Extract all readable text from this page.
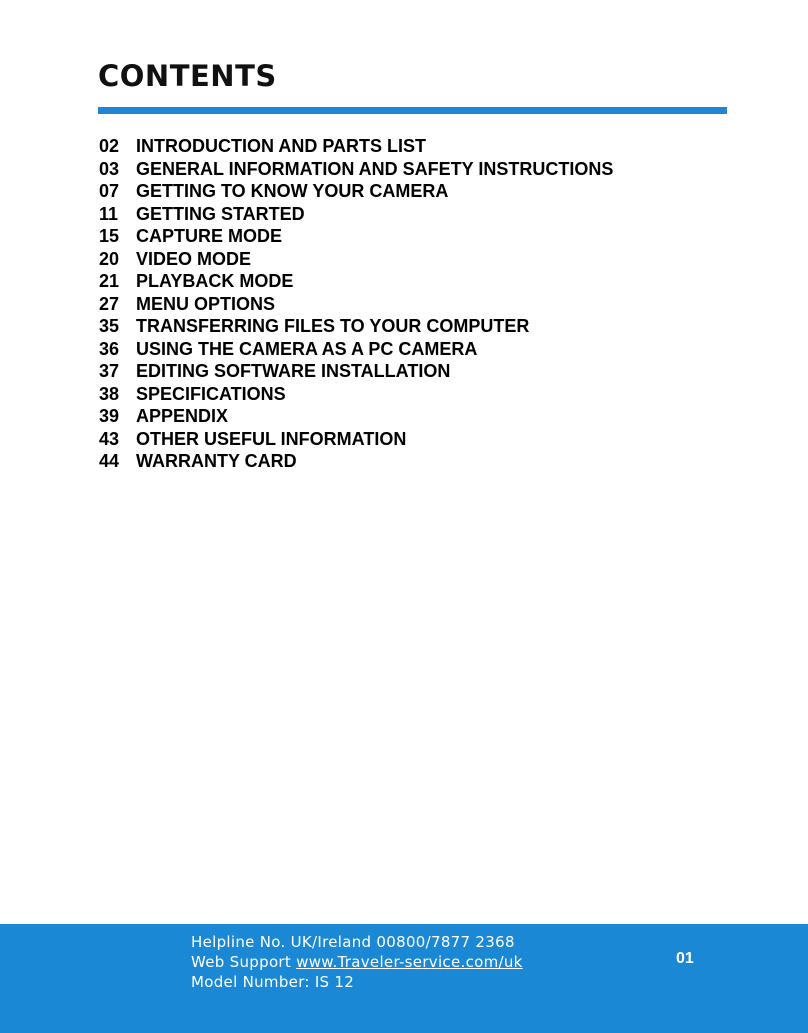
CONTENTS
02 INTRODUCTION AND PARTS LIST
03 GENERAL INFORMATION AND SAFETY INSTRUCTIONS
07 GETTING TO KNOW YOUR CAMERA
11 GETTING STARTED
15 CAPTURE MODE
20 VIDEO MODE
21 PLAYBACK MODE
27 MENU OPTIONS
35 TRANSFERRING FILES TO YOUR COMPUTER
36 USING THE CAMERA AS A PC CAMERA
37 EDITING SOFTWARE INSTALLATION
38 SPECIFICATIONS
39 APPENDIX
43 OTHER USEFUL INFORMATION
44 WARRANTY CARD
Helpline No. UK/Ireland 00800/7877 2368
Web Support www.Traveler-service.com/uk
Model Number: IS 12
01
